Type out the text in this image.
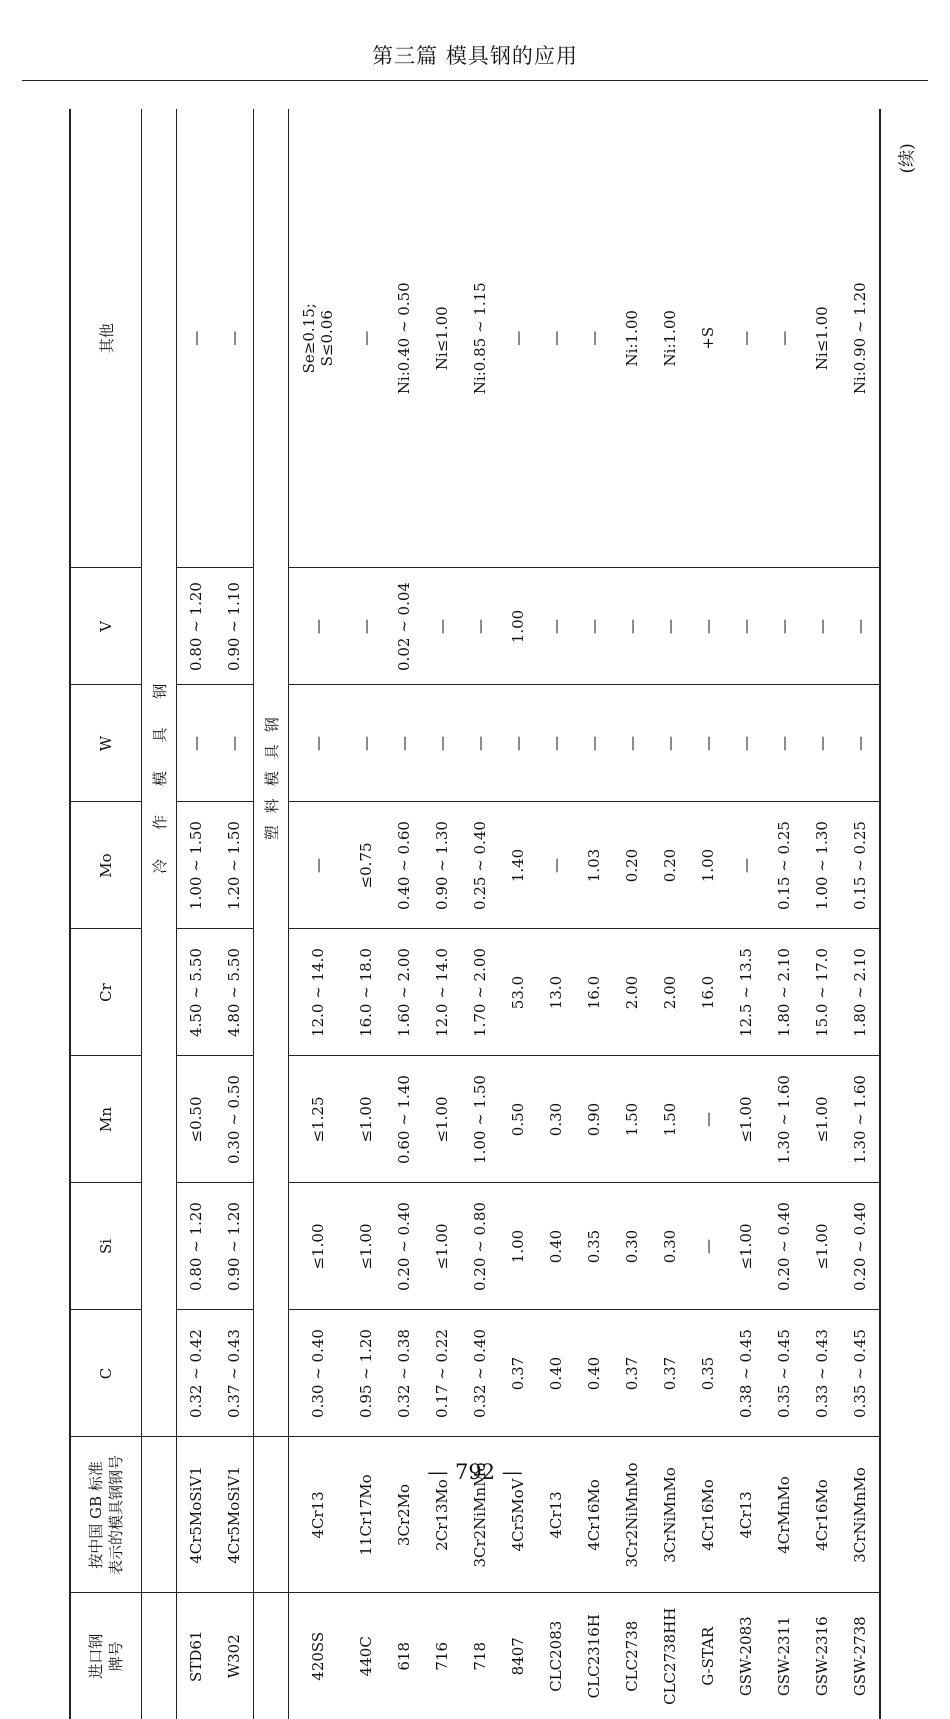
第三篇 模具钢的应用
(续)
进口钢 牌号	按中国 GB 标准 表示的模具钢钢号	C	Si	Mn	Cr	Mo	W	V	其他
		冷 作 模 具 钢							
STD61	4Cr5MoSiV1	0.32 ~ 0.42	0.80 ~ 1.20	≤0.50	4.50 ~ 5.50	1.00 ~ 1.50	—	0.80 ~ 1.20	—
W302	4Cr5MoSiV1	0.37 ~ 0.43	0.90 ~ 1.20	0.30 ~ 0.50	4.80 ~ 5.50	1.20 ~ 1.50	—	0.90 ~ 1.10	—
		塑料模具钢							
420SS	4Cr13	0.30 ~ 0.40	≤1.00	≤1.25	12.0 ~ 14.0	—	—	—	Se≥0.15; S≤0.06

440C	11Cr17Mo	0.95 ~ 1.20	≤1.00	≤1.00	16.0 ~ 18.0	≤0.75	—	—	—
618	3Cr2Mo	0.32 ~ 0.38	0.20 ~ 0.40	0.60 ~ 1.40	1.60 ~ 2.00	0.40 ~ 0.60	—	0.02 ~ 0.04	Ni:0.40 ~ 0.50
716	2Cr13Mo	0.17 ~ 0.22	≤1.00	≤1.00	12.0 ~ 14.0	0.90 ~ 1.30	—	—	Ni≤1.00
718	3Cr2NiMnMo	0.32 ~ 0.40	0.20 ~ 0.80	1.00 ~ 1.50	1.70 ~ 2.00	0.25 ~ 0.40	—	—	Ni:0.85 ~ 1.15
8407	4Cr5MoV	0.37	1.00	0.50	53.0	1.40	—	1.00	—
CLC2083	4Cr13	0.40	0.40	0.30	13.0	—	—	—	—
CLC2316H	4Cr16Mo	0.40	0.35	0.90	16.0	1.03	—	—	—
CLC2738	3Cr2NiMnMo	0.37	0.30	1.50	2.00	0.20	—	—	Ni:1.00
CLC2738HH	3CrNiMnMo	0.37	0.30	1.50	2.00	0.20	—	—	Ni:1.00
G-STAR	4Cr16Mo	0.35	—	—	16.0	1.00	—	—	+S
GSW-2083	4Cr13	0.38 ~ 0.45	≤1.00	≤1.00	12.5 ~ 13.5	—	—	—	—
GSW-2311	4CrMnMo	0.35 ~ 0.45	0.20 ~ 0.40	1.30 ~ 1.60	1.80 ~ 2.10	0.15 ~ 0.25	—	—	—
GSW-2316	4Cr16Mo	0.33 ~ 0.43	≤1.00	≤1.00	15.0 ~ 17.0	1.00 ~ 1.30	—	—	Ni≤1.00
GSW-2738	3CrNiMnMo	0.35 ~ 0.45	0.20 ~ 0.40	1.30 ~ 1.60	1.80 ~ 2.10	0.15 ~ 0.25	—	—	Ni:0.90 ~ 1.20
— 792 —
